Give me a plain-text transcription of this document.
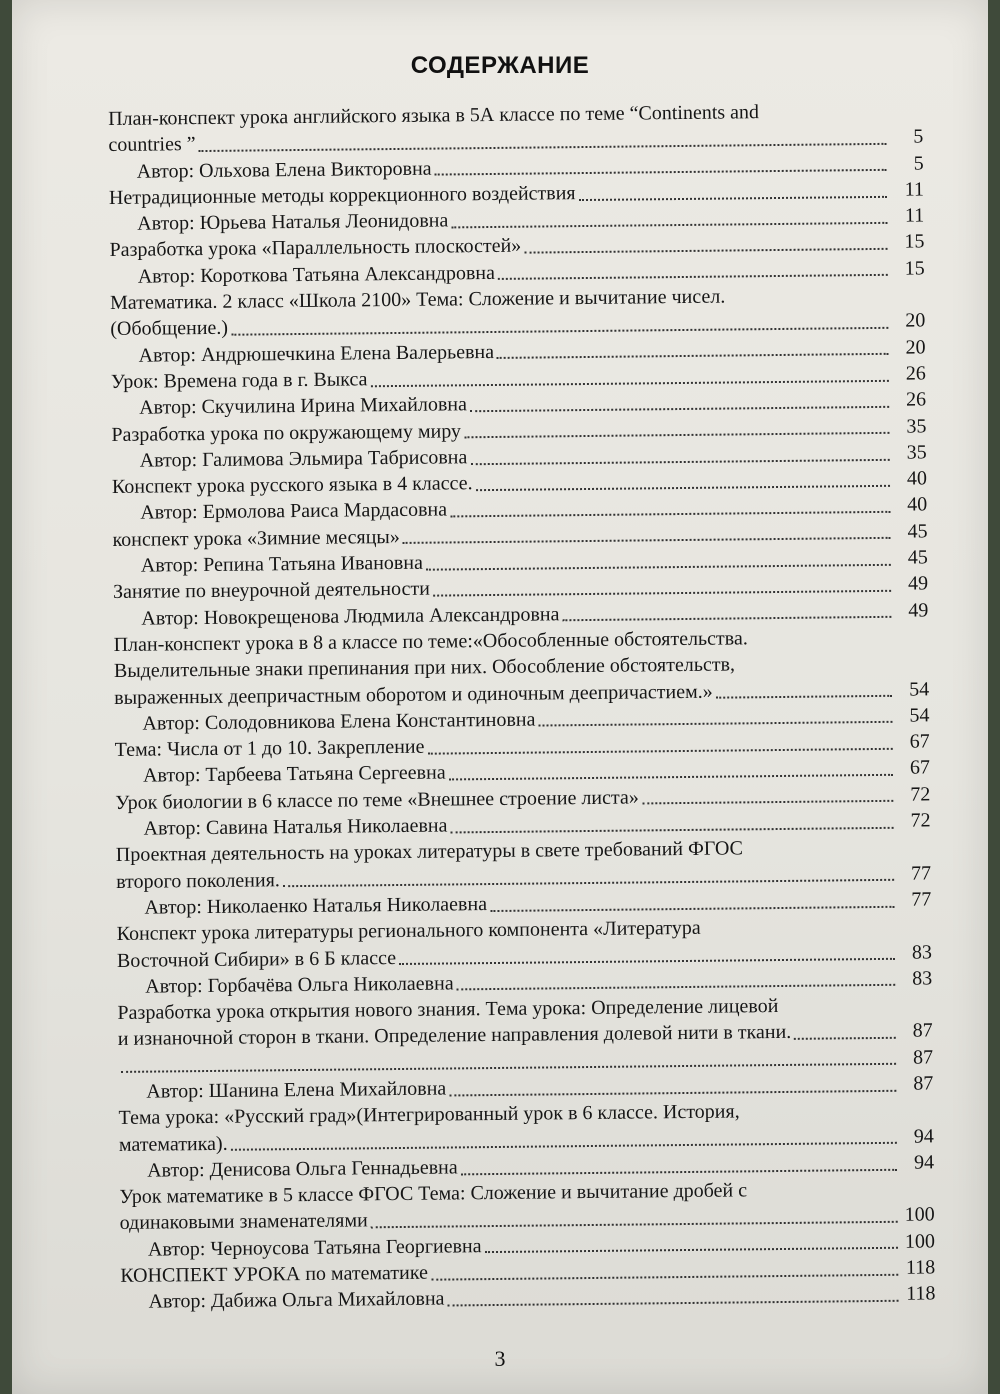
СОДЕРЖАНИЕ
План-конспект урока английского языка в 5А классе по теме “Continents and
countries ”	5
Автор: Ольхова Елена Викторовна	5
Нетрадиционные методы коррекционного воздействия	11
Автор: Юрьева Наталья Леонидовна	11
Разработка урока «Параллельность плоскостей»	15
Автор: Короткова Татьяна Александровна	15
Математика. 2 класс «Школа 2100» Тема: Сложение и вычитание чисел.
(Обобщение.)	20
Автор: Андрюшечкина Елена Валерьевна	20
Урок: Времена года в г. Выкса	26
Автор: Скучилина Ирина Михайловна	26
Разработка урока по окружающему миру	35
Автор: Галимова Эльмира Табрисовна	35
Конспект урока русского языка в 4 классе.	40
Автор: Ермолова Раиса Мардасовна	40
конспект урока «Зимние месяцы»	45
Автор: Репина Татьяна Ивановна	45
Занятие по внеурочной деятельности	49
Автор: Новокрещенова Людмила Александровна	49
План-конспект урока в 8 а классе по теме:«Обособленные обстоятельства.
Выделительные знаки препинания при них. Обособление обстоятельств,
выраженных деепричастным оборотом и одиночным деепричастием.»	54
Автор: Солодовникова Елена Константиновна	54
Тема: Числа от 1 до 10. Закрепление	67
Автор: Тарбеева Татьяна Сергеевна	67
Урок биологии в 6 классе по теме «Внешнее строение листа»	72
Автор: Савина Наталья Николаевна	72
Проектная деятельность на уроках литературы в свете требований ФГОС
второго поколения.	77
Автор: Николаенко Наталья Николаевна	77
Конспект урока литературы регионального компонента «Литература
Восточной Сибири» в 6 Б классе	83
Автор: Горбачёва Ольга Николаевна	83
Разработка урока открытия нового знания. Тема урока: Определение лицевой
и изнаночной сторон в ткани. Определение направления долевой нити в ткани.	87
87
Автор: Шанина Елена Михайловна	87
Тема урока: «Русский град»(Интегрированный урок в 6 классе. История,
математика).	94
Автор: Денисова Ольга Геннадьевна	94
Урок математике в 5 классе ФГОС Тема: Сложение и вычитание дробей с
одинаковыми знаменателями	100
Автор: Черноусова Татьяна Георгиевна	100
КОНСПЕКТ УРОКА по математике	118
Автор: Дабижа Ольга Михайловна	118
3
